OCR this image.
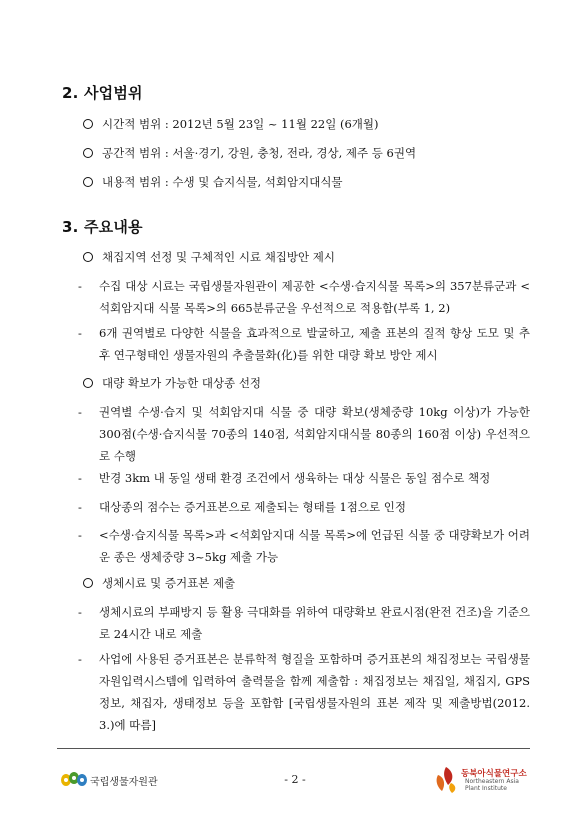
2. 사업범위
시간적 범위 : 2012년 5월 23일 ~ 11월 22일 (6개월)
공간적 범위 : 서울·경기, 강원, 충청, 전라, 경상, 제주 등 6권역
내용적 범위 : 수생 및 습지식물, 석회암지대식물
3. 주요내용
채집지역 선정 및 구체적인 시료 채집방안 제시
-	수집 대상 시료는 국립생물자원관이 제공한 <수생·습지식물 목록>의 357분류군과 <석회암지대 식물 목록>의 665분류군을 우선적으로 적용함(부록 1, 2)
-	6개 권역별로 다양한 식물을 효과적으로 발굴하고, 제출 표본의 질적 향상 도모 및 추후 연구형태인 생물자원의 추출물화(化)를 위한 대량 확보 방안 제시
대량 확보가 가능한 대상종 선정
-	권역별 수생·습지 및 석회암지대 식물 중 대량 확보(생체중량 10kg 이상)가 가능한 300점(수생·습지식물 70종의 140점, 석회암지대식물 80종의 160점 이상) 우선적으로 수행
-	반경 3km 내 동일 생태 환경 조건에서 생육하는 대상 식물은 동일 점수로 책정
-	대상종의 점수는 증거표본으로 제출되는 형태를 1점으로 인정
-	<수생·습지식물 목록>과 <석회암지대 식물 목록>에 언급된 식물 중 대량확보가 어려운 종은 생체중량 3~5kg 제출 가능
생체시료 및 증거표본 제출
-	생체시료의 부패방지 등 활용 극대화를 위하여 대량확보 완료시점(완전 건조)을 기준으로 24시간 내로 제출
-	사업에 사용된 증거표본은 분류학적 형질을 포함하며 증거표본의 채집정보는 국립생물자원입력시스템에 입력하여 출력물을 함께 제출함 : 채집정보는 채집일, 채집지, GPS정보, 채집자, 생태정보 등을 포함함 [국립생물자원의 표본 제작 및 제출방법(2012. 3.)에 따름]
국립생물자원관	- 2 -	동북아식물연구소
Northeastern Asia
Plant Institute
